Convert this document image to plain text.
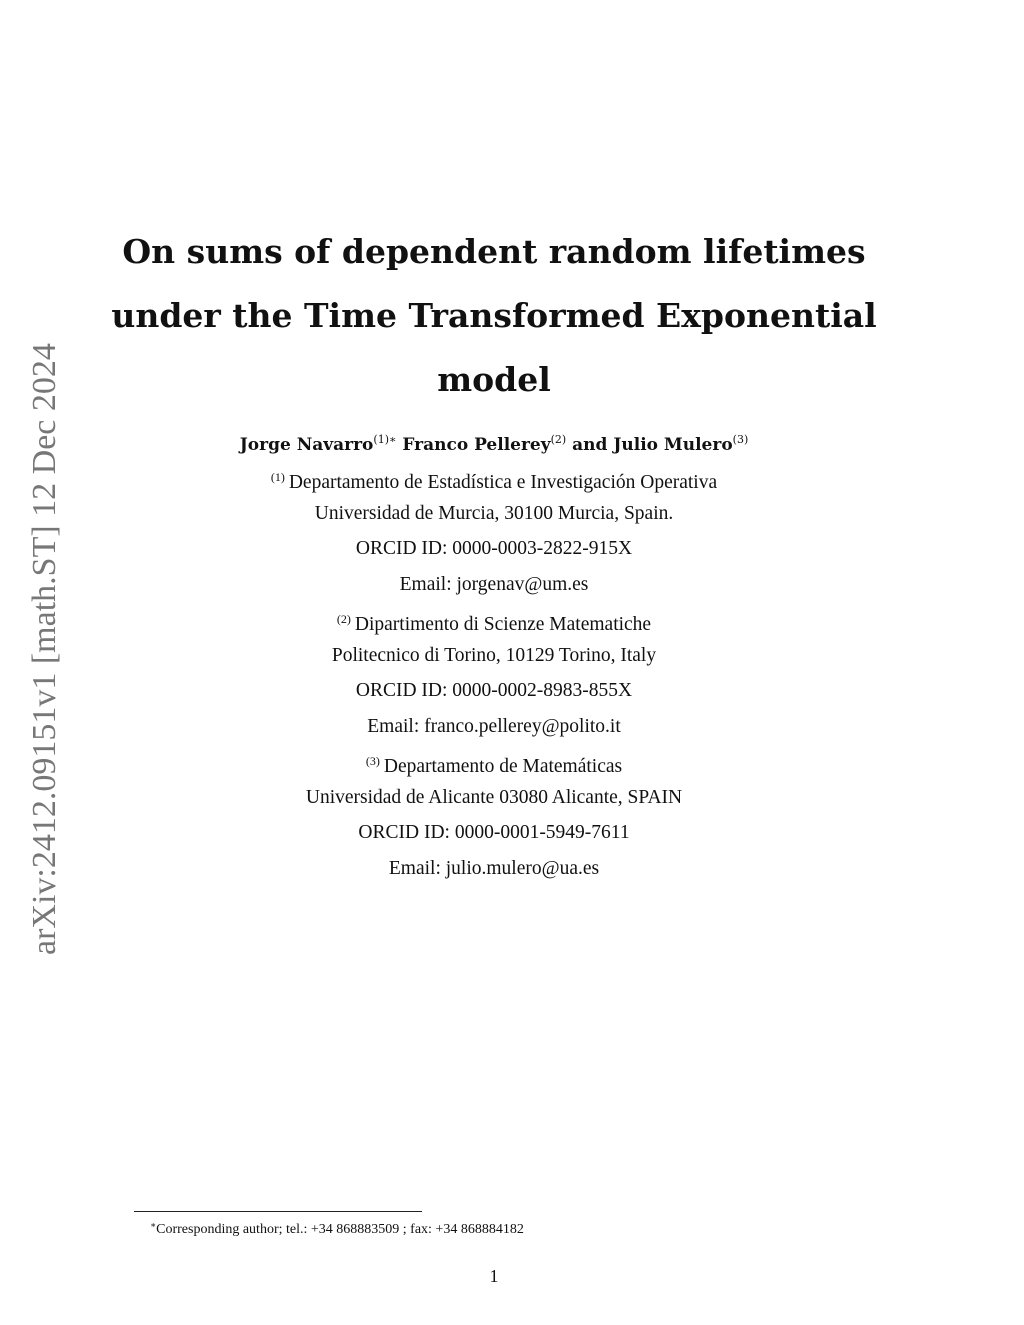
arXiv:2412.09151v1 [math.ST] 12 Dec 2024
On sums of dependent random lifetimes
under the Time Transformed Exponential
model
Jorge Navarro$^{(1)∗}$ Franco Pellerey$^{(2)}$ and Julio Mulero$^{(3)}$
$^{(1)}$ Departamento de Estadística e Investigación Operativa
Universidad de Murcia, 30100 Murcia, Spain.
ORCID ID: 0000-0003-2822-915X
Email: jorgenav@um.es
$^{(2)}$ Dipartimento di Scienze Matematiche
Politecnico di Torino, 10129 Torino, Italy
ORCID ID: 0000-0002-8983-855X
Email: franco.pellerey@polito.it
$^{(3)}$ Departamento de Matemáticas
Universidad de Alicante 03080 Alicante, SPAIN
ORCID ID: 0000-0001-5949-7611
Email: julio.mulero@ua.es
∗Corresponding author; tel.: +34 868883509 ; fax: +34 868884182
1
